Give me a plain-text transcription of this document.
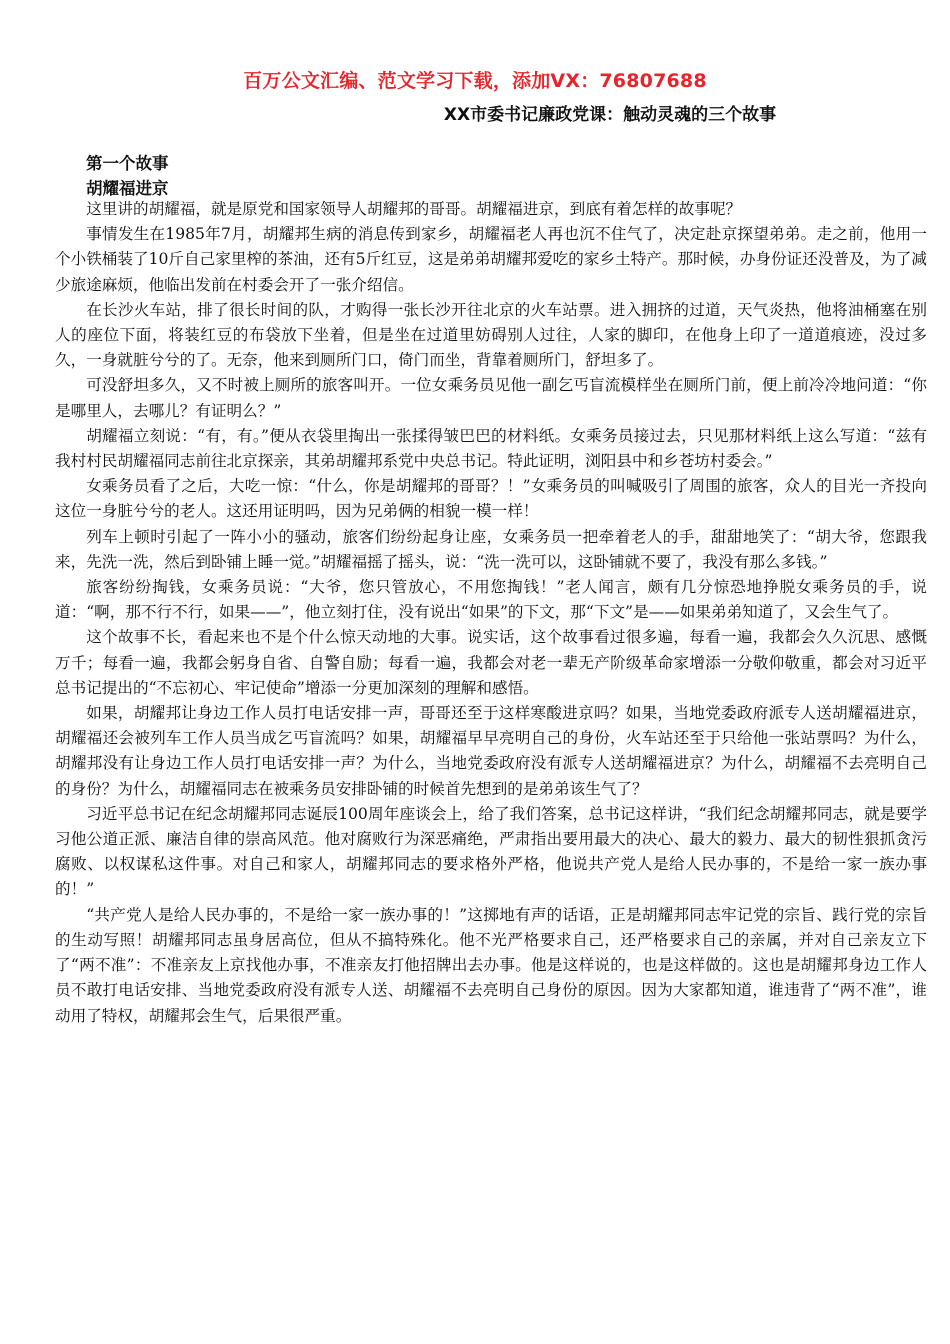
百万公文汇编、范文学习下载，添加VX：76807688
XX市委书记廉政党课：触动灵魂的三个故事
第一个故事
胡耀福进京

这里讲的胡耀福，就是原党和国家领导人胡耀邦的哥哥。胡耀福进京，到底有着怎样的故事呢？

事情发生在1985年7月，胡耀邦生病的消息传到家乡，胡耀福老人再也沉不住气了，决定赴京探望弟弟。走之前，他用一个小铁桶装了10斤自己家里榨的茶油，还有5斤红豆，这是弟弟胡耀邦爱吃的家乡土特产。那时候，办身份证还没普及，为了减少旅途麻烦，他临出发前在村委会开了一张介绍信。

在长沙火车站，排了很长时间的队，才购得一张长沙开往北京的火车站票。进入拥挤的过道，天气炎热，他将油桶塞在别人的座位下面，将装红豆的布袋放下坐着，但是坐在过道里妨碍别人过往，人家的脚印，在他身上印了一道道痕迹，没过多久，一身就脏兮兮的了。无奈，他来到厕所门口，倚门而坐，背靠着厕所门，舒坦多了。

可没舒坦多久，又不时被上厕所的旅客叫开。一位女乘务员见他一副乞丐盲流模样坐在厕所门前，便上前冷冷地问道：“你是哪里人，去哪儿？有证明么？”

胡耀福立刻说：“有，有。”便从衣袋里掏出一张揉得皱巴巴的材料纸。女乘务员接过去，只见那材料纸上这么写道：“兹有我村村民胡耀福同志前往北京探亲，其弟胡耀邦系党中央总书记。特此证明，浏阳县中和乡苍坊村委会。”

女乘务员看了之后，大吃一惊：“什么，你是胡耀邦的哥哥？！”女乘务员的叫喊吸引了周围的旅客，众人的目光一齐投向这位一身脏兮兮的老人。这还用证明吗，因为兄弟俩的相貌一模一样！

列车上顿时引起了一阵小小的骚动，旅客们纷纷起身让座，女乘务员一把牵着老人的手，甜甜地笑了：“胡大爷，您跟我来，先洗一洗，然后到卧铺上睡一觉。”胡耀福摇了摇头，说：“洗一洗可以，这卧铺就不要了，我没有那么多钱。”

旅客纷纷掏钱，女乘务员说：“大爷，您只管放心，不用您掏钱！”老人闻言，颇有几分惊恐地挣脱女乘务员的手，说道：“啊，那不行不行，如果——”，他立刻打住，没有说出“如果”的下文，那“下文”是——如果弟弟知道了，又会生气了。

这个故事不长，看起来也不是个什么惊天动地的大事。说实话，这个故事看过很多遍，每看一遍，我都会久久沉思、感慨万千；每看一遍，我都会躬身自省、自警自励；每看一遍，我都会对老一辈无产阶级革命家增添一分敬仰敬重，都会对习近平总书记提出的“不忘初心、牢记使命”增添一分更加深刻的理解和感悟。

如果，胡耀邦让身边工作人员打电话安排一声，哥哥还至于这样寒酸进京吗？如果，当地党委政府派专人送胡耀福进京，胡耀福还会被列车工作人员当成乞丐盲流吗？如果，胡耀福早早亮明自己的身份，火车站还至于只给他一张站票吗？为什么，胡耀邦没有让身边工作人员打电话安排一声？为什么，当地党委政府没有派专人送胡耀福进京？为什么，胡耀福不去亮明自己的身份？为什么，胡耀福同志在被乘务员安排卧铺的时候首先想到的是弟弟该生气了？

习近平总书记在纪念胡耀邦同志诞辰100周年座谈会上，给了我们答案，总书记这样讲，“我们纪念胡耀邦同志，就是要学习他公道正派、廉洁自律的崇高风范。他对腐败行为深恶痛绝，严肃指出要用最大的决心、最大的毅力、最大的韧性狠抓贪污腐败、以权谋私这件事。对自己和家人，胡耀邦同志的要求格外严格，他说共产党人是给人民办事的，不是给一家一族办事的！”

“共产党人是给人民办事的，不是给一家一族办事的！”这掷地有声的话语，正是胡耀邦同志牢记党的宗旨、践行党的宗旨的生动写照！胡耀邦同志虽身居高位，但从不搞特殊化。他不光严格要求自己，还严格要求自己的亲属，并对自己亲友立下了“两不准”：不准亲友上京找他办事，不准亲友打他招牌出去办事。他是这样说的，也是这样做的。这也是胡耀邦身边工作人员不敢打电话安排、当地党委政府没有派专人送、胡耀福不去亮明自己身份的原因。因为大家都知道，谁违背了“两不准”，谁动用了特权，胡耀邦会生气，后果很严重。
